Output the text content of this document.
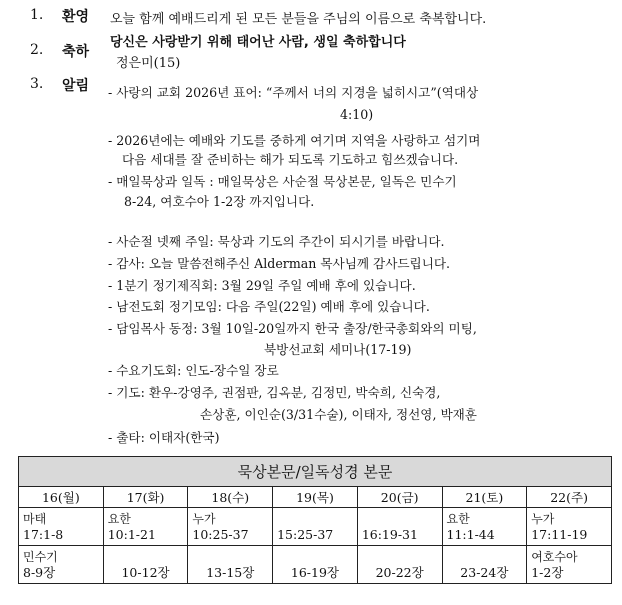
1. 환영
2. 축하
3. 알림
오늘 함께 예배드리게 된 모든 분들을 주님의 이름으로 축복합니다.
당신은 사랑받기 위해 태어난 사람, 생일 축하합니다
정은미(15)
- 사랑의 교회 2026년 표어: “주께서 너의 지경을 넓히시고”(역대상
4:10)
- 2026년에는 예배와 기도를 중하게 여기며 지역을 사랑하고 섬기며
다음 세대를 잘 준비하는 해가 되도록 기도하고 힘쓰겠습니다.
- 매일묵상과 일독 : 매일묵상은 사순절 묵상본문, 일독은 민수기
8-24, 여호수아 1-2장 까지입니다.
- 사순절 넷째 주일: 묵상과 기도의 주간이 되시기를 바랍니다.
- 감사: 오늘 말씀전해주신 Alderman 목사님께 감사드립니다.
- 1분기 정기제직회: 3월 29일 주일 예배 후에 있습니다.
- 남전도회 정기모임: 다음 주일(22일) 예배 후에 있습니다.
- 담임목사 동정: 3월 10일-20일까지 한국 출장/한국총회와의 미팅,
북방선교회 세미나(17-19)
- 수요기도회: 인도-장수일 장로
- 기도: 환우-강영주, 권점판, 김옥분, 김정민, 박숙희, 신숙경,
손상훈, 이인순(3/31수술), 이태자, 정선영, 박재훈
- 출타: 이태자(한국)
묵상본문/일독성경 본문						
16(월)	17(화)	18(수)	19(목)	20(금)	21(토)	22(주)

마태
17:1-8	요한
10:1-21	누가
10:25-37	15:25-37	16:19-31	요한
11:1-44	누가
17:11-19

민수기
8-9장	10-12장	13-15장	16-19장	20-22장	23-24장	여호수아
1-2장
